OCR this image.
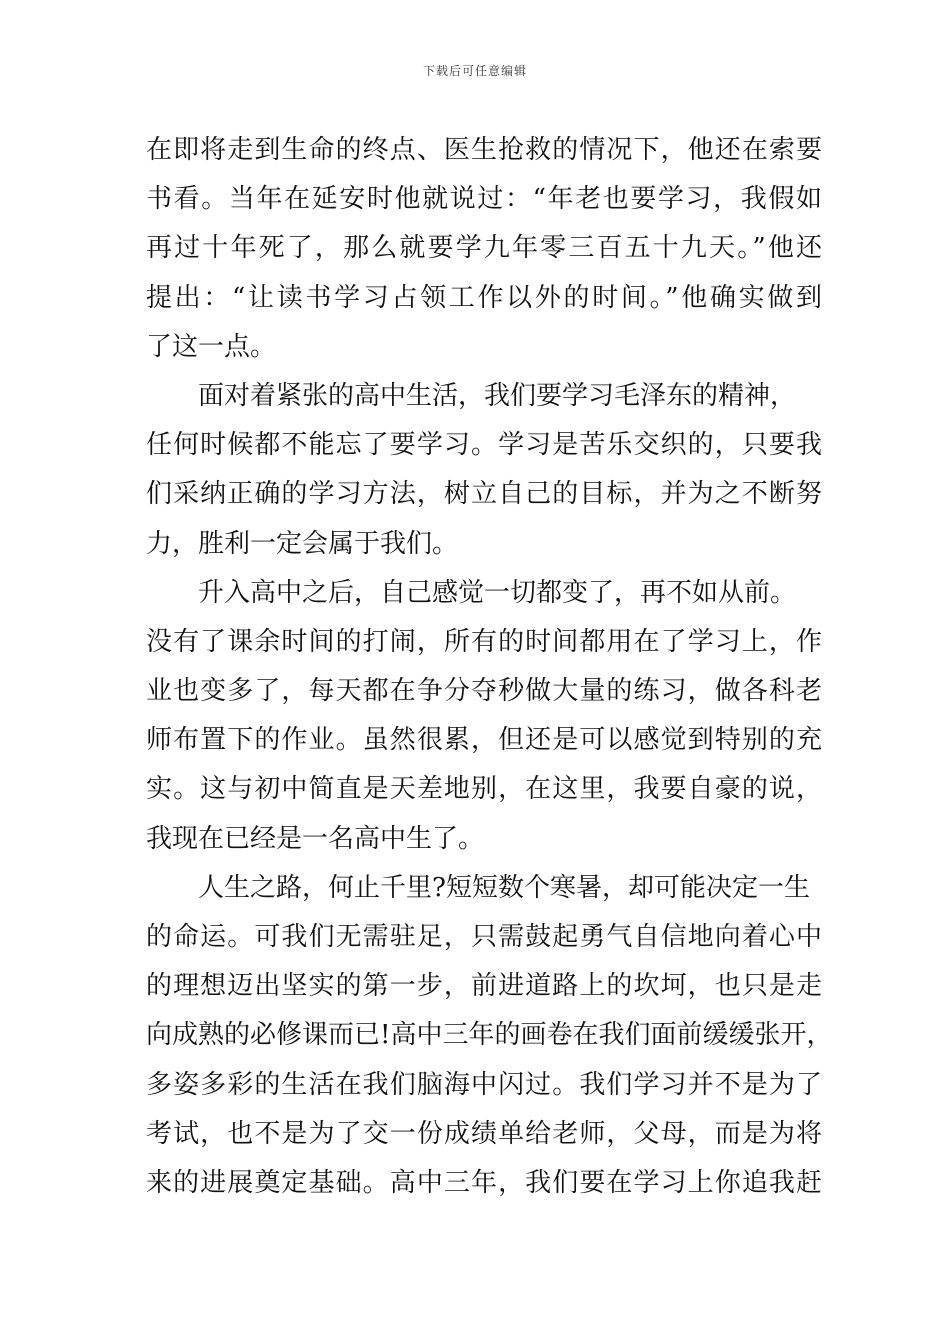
下载后可任意编辑
在即将走到生命的终点、医生抢救的情况下，他还在索要
书看。当年在延安时他就说过：“年老也要学习，我假如
再过十年死了，那么就要学九年零三百五十九天。”他还
提出：“让读书学习占领工作以外的时间。”他确实做到
了这一点。
面对着紧张的高中生活，我们要学习毛泽东的精神，
任何时候都不能忘了要学习。学习是苦乐交织的，只要我
们采纳正确的学习方法，树立自己的目标，并为之不断努
力，胜利一定会属于我们。
升入高中之后，自己感觉一切都变了，再不如从前。
没有了课余时间的打闹，所有的时间都用在了学习上，作
业也变多了，每天都在争分夺秒做大量的练习，做各科老
师布置下的作业。虽然很累，但还是可以感觉到特别的充
实。这与初中简直是天差地别，在这里，我要自豪的说，
我现在已经是一名高中生了。
人生之路，何止千里?短短数个寒暑，却可能决定一生
的命运。可我们无需驻足，只需鼓起勇气自信地向着心中
的理想迈出坚实的第一步，前进道路上的坎坷，也只是走
向成熟的必修课而已!高中三年的画卷在我们面前缓缓张开，
多姿多彩的生活在我们脑海中闪过。我们学习并不是为了
考试，也不是为了交一份成绩单给老师，父母，而是为将
来的进展奠定基础。高中三年，我们要在学习上你追我赶
